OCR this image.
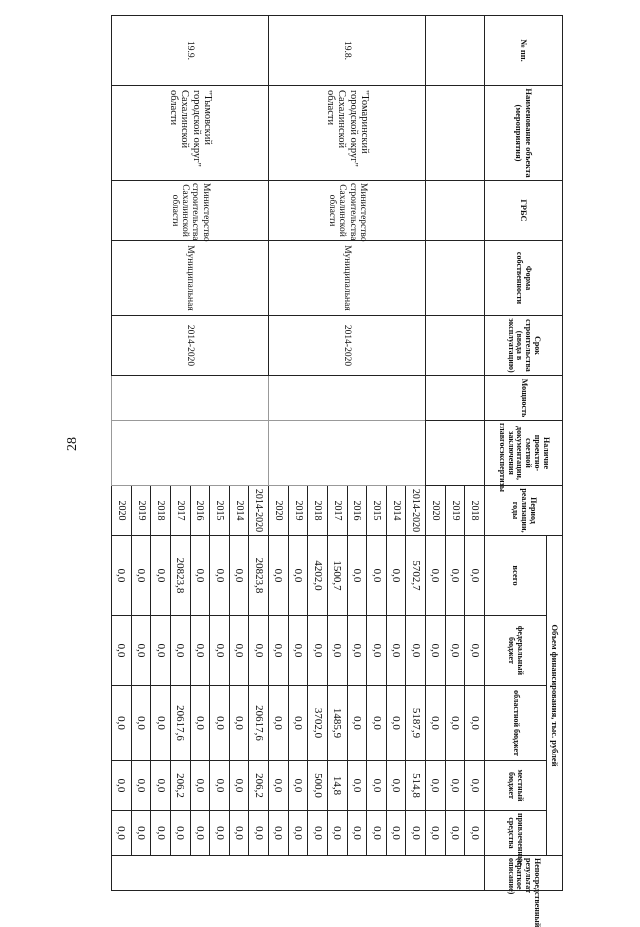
28
№ пп.	Наименование объекта (мероприятия)	ГРБС	Форма собственности	Срок строительства (ввода в эксплуатацию)	Мощность	Наличие проектно-сметной документации, заключения главгосэкспертизы	Период реализации, годы	Объем финансирования, тыс. рублей					Непосредственный результат (краткое описание)
								всего	федеральный бюджет	областной бюджет	местный бюджет	привлеченные средства	

							2018	0,0	0,0	0,0	0,0	0,0	
							2019	0,0	0,0	0,0	0,0	0,0	
							2020	0,0	0,0	0,0	0,0	0,0	
19.8.	"Томаринский городской округ" Сахалинской области	Министерство строительства Сахалинской области	Муниципальная	2014-2020			2014-2020	5702,7	0,0	5187,9	514,8	0,0	
							2014	0,0	0,0	0,0	0,0	0,0	
							2015	0,0	0,0	0,0	0,0	0,0	
							2016	0,0	0,0	0,0	0,0	0,0	
							2017	1500,7	0,0	1485,9	14,8	0,0	
							2018	4202,0	0,0	3702,0	500,0	0,0	
							2019	0,0	0,0	0,0	0,0	0,0	
							2020	0,0	0,0	0,0	0,0	0,0	
19.9.	"Тымовский городской округ" Сахалинской области	Министерство строительства Сахалинской области	Муниципальная	2014-2020			2014-2020	20823,8	0,0	20617,6	206,2	0,0	
							2014	0,0	0,0	0,0	0,0	0,0	
							2015	0,0	0,0	0,0	0,0	0,0	
							2016	0,0	0,0	0,0	0,0	0,0	
							2017	20823,8	0,0	20617,6	206,2	0,0	
							2018	0,0	0,0	0,0	0,0	0,0	
							2019	0,0	0,0	0,0	0,0	0,0	
							2020	0,0	0,0	0,0	0,0	0,0	
